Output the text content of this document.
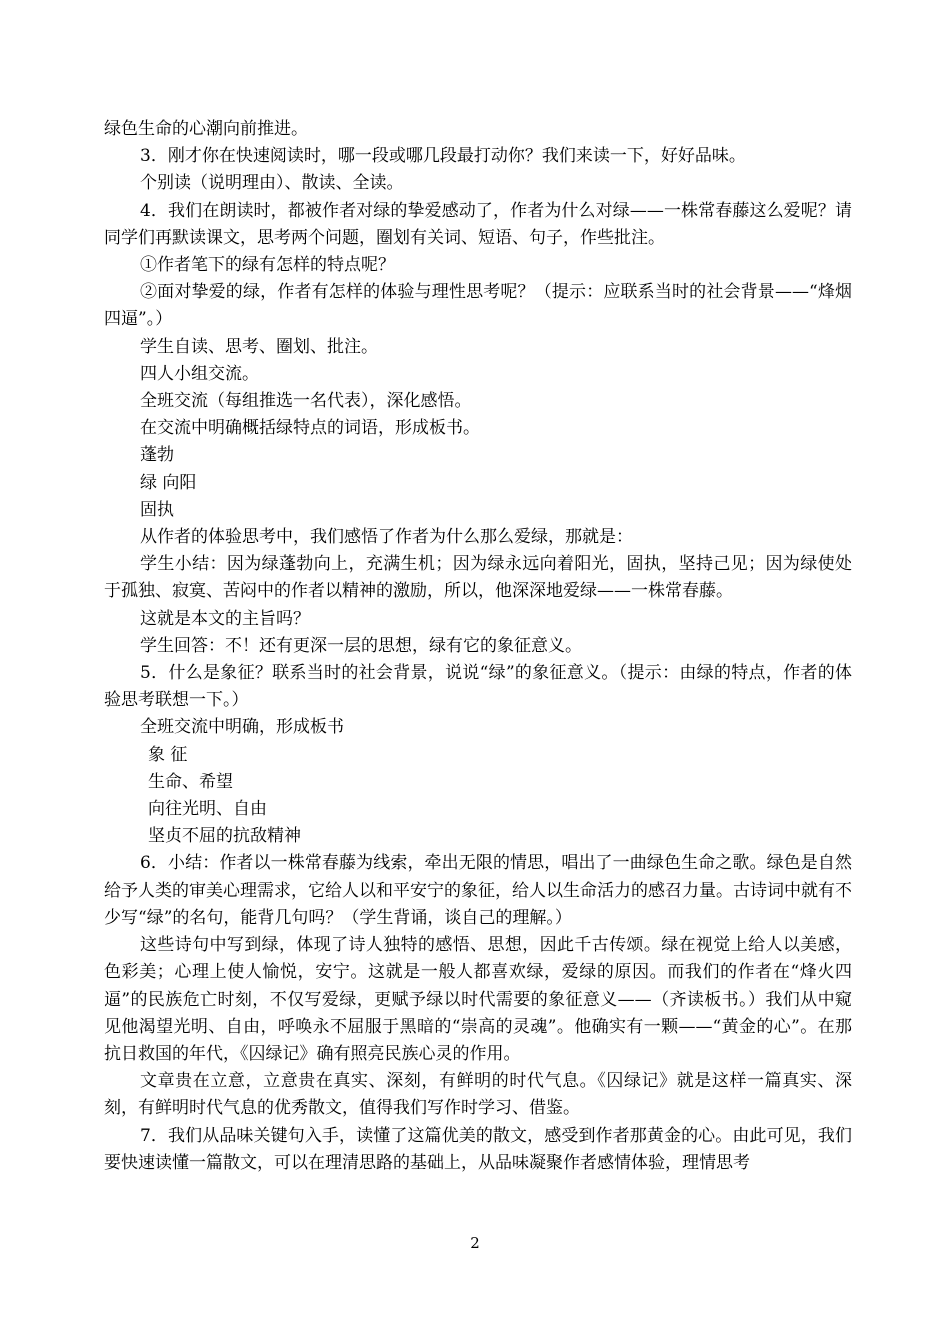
绿色生命的心潮向前推进。

3．刚才你在快速阅读时，哪一段或哪几段最打动你？我们来读一下，好好品味。

个别读（说明理由）、散读、全读。

4．我们在朗读时，都被作者对绿的挚爱感动了，作者为什么对绿——一株常春藤这么爱呢？请同学们再默读课文，思考两个问题，圈划有关词、短语、句子，作些批注。

①作者笔下的绿有怎样的特点呢？

②面对挚爱的绿，作者有怎样的体验与理性思考呢？（提示：应联系当时的社会背景——“烽烟四逼”。）

学生自读、思考、圈划、批注。

四人小组交流。

全班交流（每组推选一名代表），深化感悟。

在交流中明确概括绿特点的词语，形成板书。

蓬勃

绿 向阳

固执

从作者的体验思考中，我们感悟了作者为什么那么爱绿，那就是：

学生小结：因为绿蓬勃向上，充满生机；因为绿永远向着阳光，固执，坚持己见；因为绿使处于孤独、寂寞、苦闷中的作者以精神的激励，所以，他深深地爱绿——一株常春藤。

这就是本文的主旨吗？

学生回答：不！还有更深一层的思想，绿有它的象征意义。

5．什么是象征？联系当时的社会背景，说说“绿”的象征意义。（提示：由绿的特点，作者的体验思考联想一下。）

全班交流中明确，形成板书

象 征

生命、希望

向往光明、自由

坚贞不屈的抗敌精神

6．小结：作者以一株常春藤为线索，牵出无限的情思，唱出了一曲绿色生命之歌。绿色是自然给予人类的审美心理需求，它给人以和平安宁的象征，给人以生命活力的感召力量。古诗词中就有不少写“绿”的名句，能背几句吗？（学生背诵，谈自己的理解。）

这些诗句中写到绿，体现了诗人独特的感悟、思想，因此千古传颂。绿在视觉上给人以美感，色彩美；心理上使人愉悦，安宁。这就是一般人都喜欢绿，爱绿的原因。而我们的作者在“烽火四逼”的民族危亡时刻，不仅写爱绿，更赋予绿以时代需要的象征意义——（齐读板书。）我们从中窥见他渴望光明、自由，呼唤永不屈服于黑暗的“崇高的灵魂”。他确实有一颗——“黄金的心”。在那抗日救国的年代，《囚绿记》确有照亮民族心灵的作用。

文章贵在立意，立意贵在真实、深刻，有鲜明的时代气息。《囚绿记》就是这样一篇真实、深刻，有鲜明时代气息的优秀散文，值得我们写作时学习、借鉴。

7．我们从品味关键句入手，读懂了这篇优美的散文，感受到作者那黄金的心。由此可见，我们要快速读懂一篇散文，可以在理清思路的基础上，从品味凝聚作者感情体验，理情思考

2
